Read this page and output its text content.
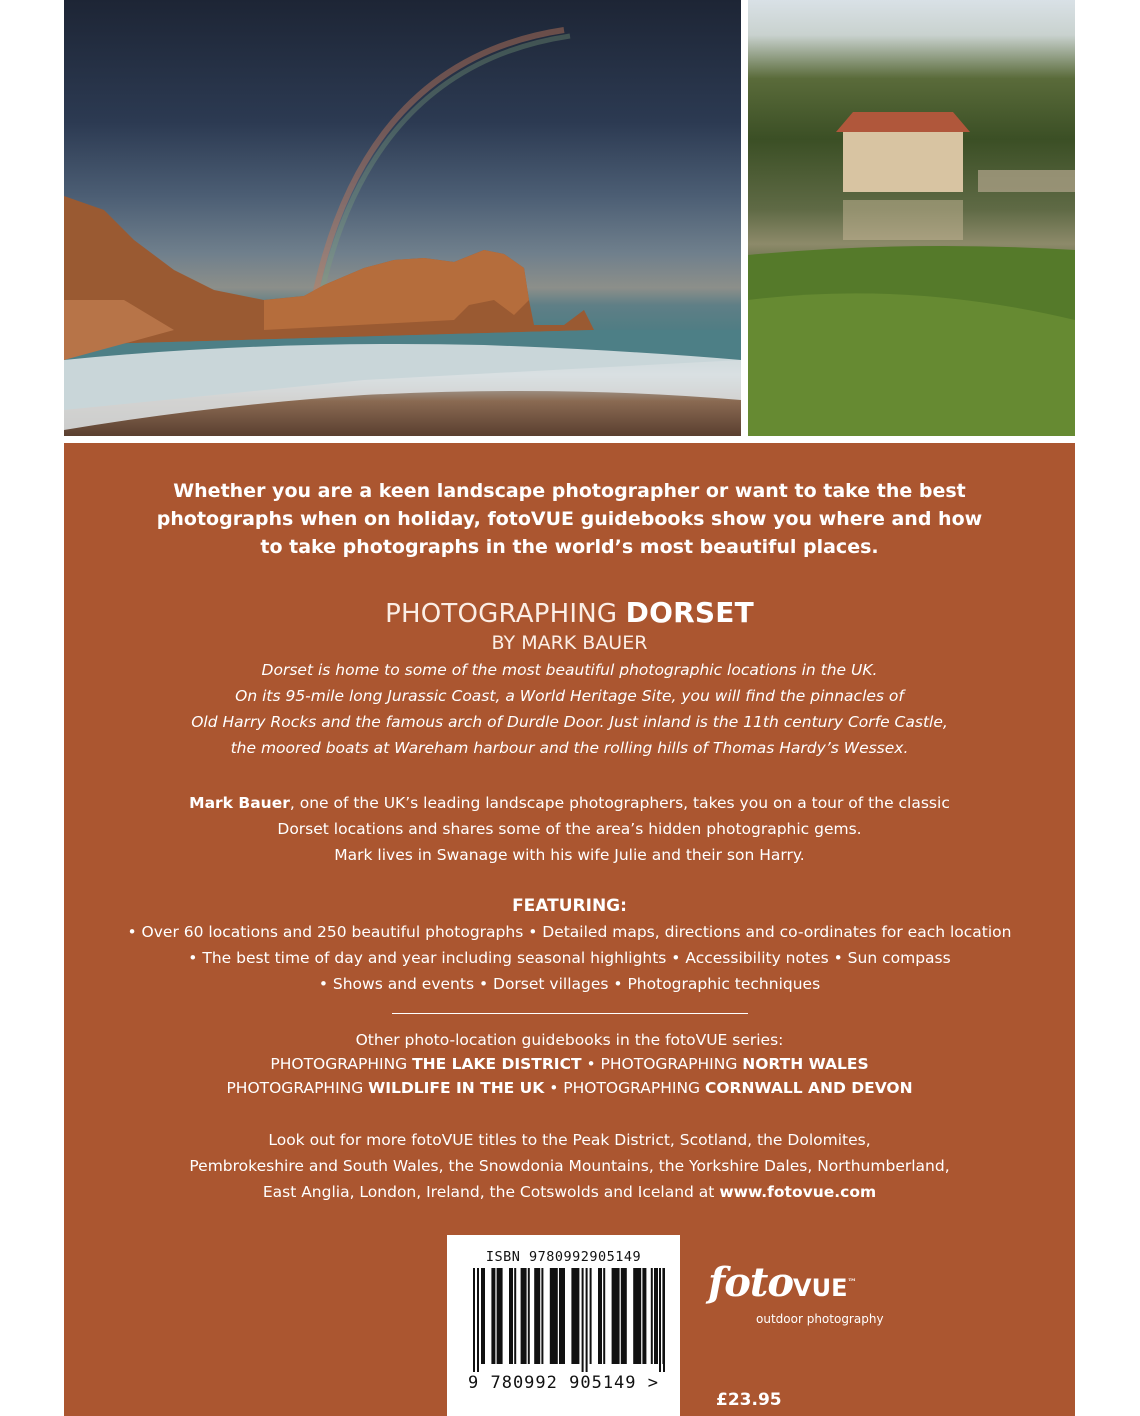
Whether you are a keen landscape photographer or want to take the best
photographs when on holiday, fotoVUE guidebooks show you where and how
to take photographs in the world’s most beautiful places.
PHOTOGRAPHING DORSET
BY MARK BAUER
Dorset is home to some of the most beautiful photographic locations in the UK.
On its 95-mile long Jurassic Coast, a World Heritage Site, you will find the pinnacles of
Old Harry Rocks and the famous arch of Durdle Door. Just inland is the 11th century Corfe Castle,
the moored boats at Wareham harbour and the rolling hills of Thomas Hardy’s Wessex.
Mark Bauer, one of the UK’s leading landscape photographers, takes you on a tour of the classic
Dorset locations and shares some of the area’s hidden photographic gems.
Mark lives in Swanage with his wife Julie and their son Harry.
FEATURING:
• Over 60 locations and 250 beautiful photographs • Detailed maps, directions and co-ordinates for each location
• The best time of day and year including seasonal highlights • Accessibility notes • Sun compass
• Shows and events • Dorset villages • Photographic techniques
Other photo-location guidebooks in the fotoVUE series:
PHOTOGRAPHING THE LAKE DISTRICT • PHOTOGRAPHING NORTH WALES
PHOTOGRAPHING WILDLIFE IN THE UK • PHOTOGRAPHING CORNWALL AND DEVON
Look out for more fotoVUE titles to the Peak District, Scotland, the Dolomites,
Pembrokeshire and South Wales, the Snowdonia Mountains, the Yorkshire Dales, Northumberland,
East Anglia, London, Ireland, the Cotswolds and Iceland at www.fotovue.com
ISBN 9780992905149
9 780992 905149 >
fotoVUE™
outdoor photography
£23.95
